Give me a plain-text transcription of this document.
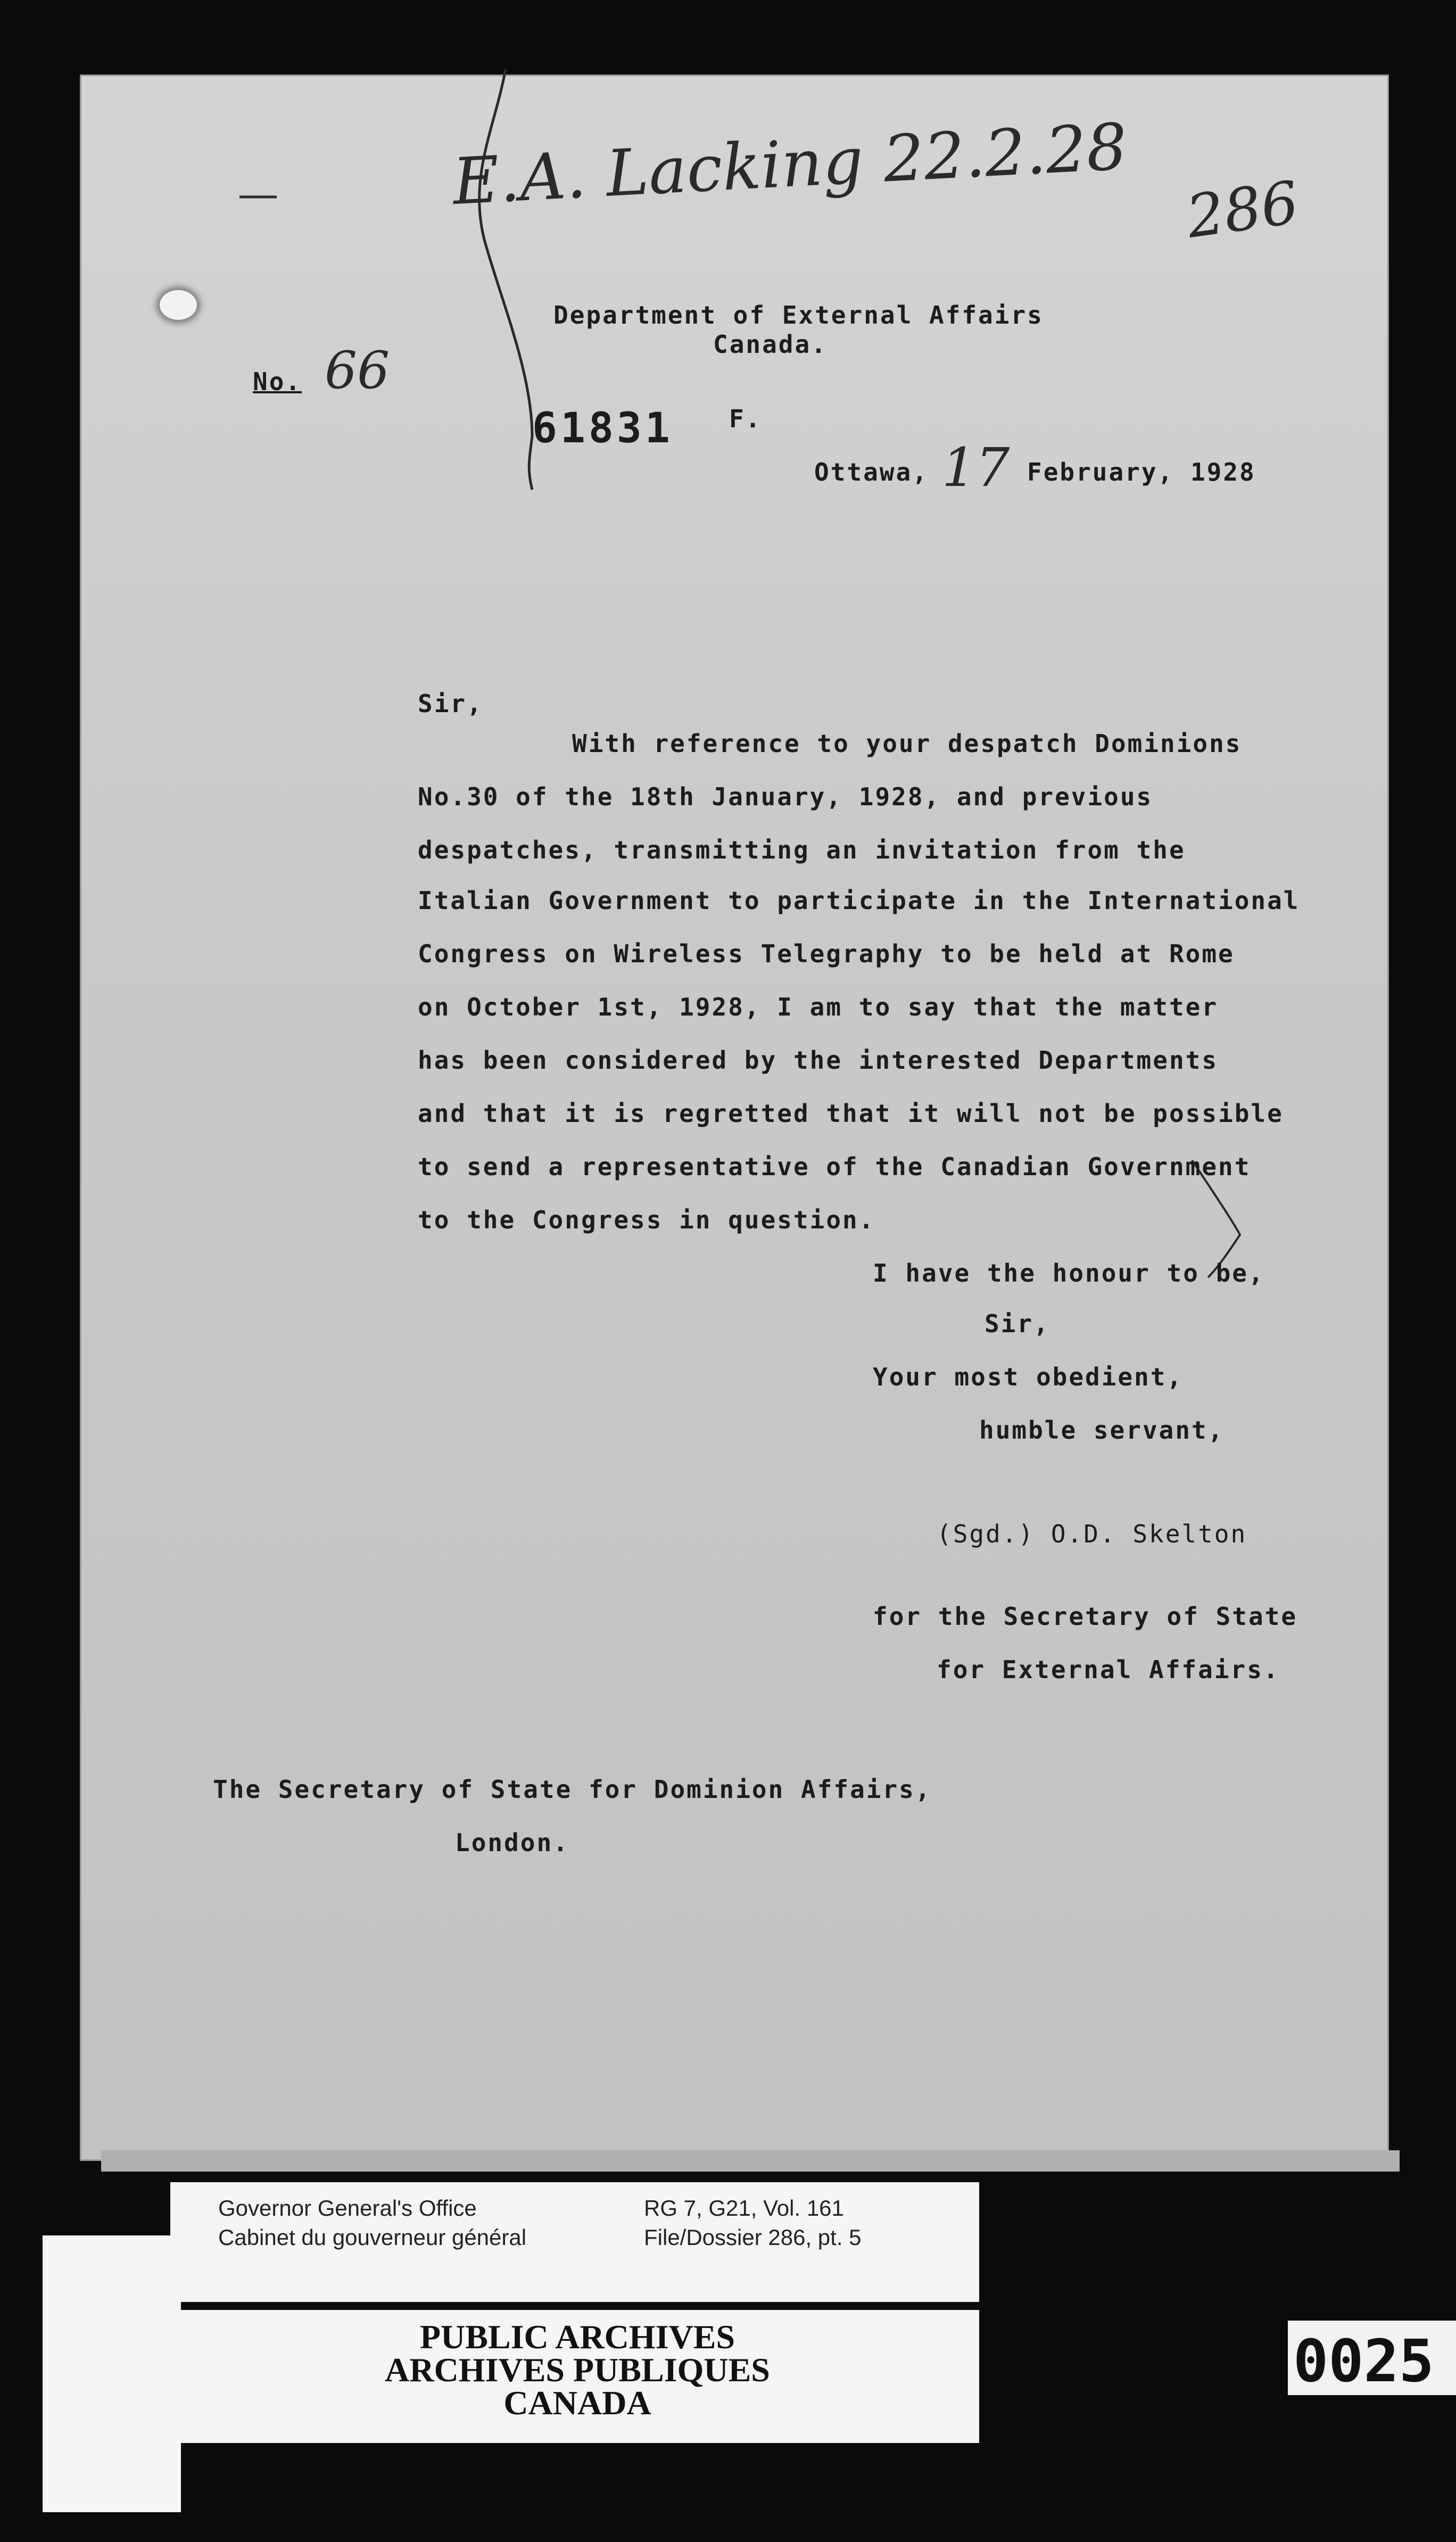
E.A. Lacking 22.2.28 286
Department of External Affairs
Canada.
No. 66
61831 F.
Ottawa, 17 February, 1928
Sir,
With reference to your despatch Dominions
No.30 of the 18th January, 1928, and previous
despatches, transmitting an invitation from the
Italian Government to participate in the International
Congress on Wireless Telegraphy to be held at Rome
on October 1st, 1928, I am to say that the matter
has been considered by the interested Departments
and that it is regretted that it will not be possible
to send a representative of the Canadian Government
to the Congress in question.
I have the honour to be,
Sir,
Your most obedient,
humble servant,
(Sgd.) O.D. Skelton
for the Secretary of State
for External Affairs.
The Secretary of State for Dominion Affairs,
London.
Governor General's Office
Cabinet du gouverneur général
RG 7, G21, Vol. 161
File/Dossier 286, pt. 5
PUBLIC ARCHIVES
ARCHIVES PUBLIQUES
CANADA
0025
